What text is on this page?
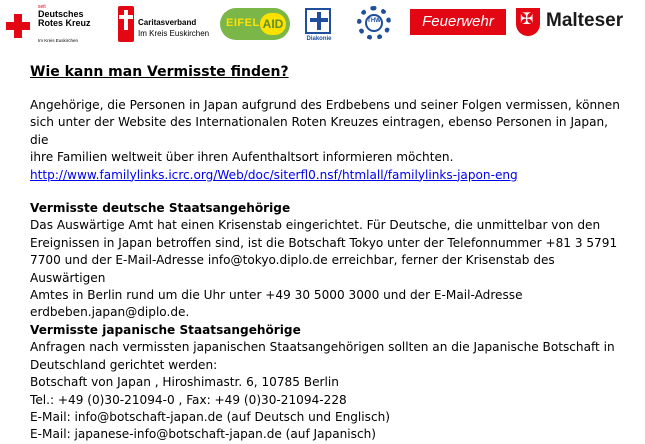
seit
Deutsches Rotes Kreuz
Im Kreis Euskirchen
Caritasverband
Im Kreis Euskirchen
EIFEL AID
Diakonie
THW	Feuerwehr	✠ Malteser
Wie kann man Vermisste finden?

Angehörige, die Personen in Japan aufgrund des Erdbebens und seiner Folgen vermissen, können

sich unter der Website des Internationalen Roten Kreuzes eintragen, ebenso Personen in Japan, die

ihre Familien weltweit über ihren Aufenthaltsort informieren möchten.

http://www.familylinks.icrc.org/Web/doc/siterfl0.nsf/htmlall/familylinks-japon-eng

Vermisste deutsche Staatsangehörige

Das Auswärtige Amt hat einen Krisenstab eingerichtet. Für Deutsche, die unmittelbar von den

Ereignissen in Japan betroffen sind, ist die Botschaft Tokyo unter der Telefonnummer +81 3 5791

7700 und der E-Mail-Adresse info@tokyo.diplo.de erreichbar, ferner der Krisenstab des Auswärtigen

Amtes in Berlin rund um die Uhr unter +49 30 5000 3000 und der E-Mail-Adresse

erdbeben.japan@diplo.de.

Vermisste japanische Staatsangehörige

Anfragen nach vermissten japanischen Staatsangehörigen sollten an die Japanische Botschaft in

Deutschland gerichtet werden:

Botschaft von Japan , Hiroshimastr. 6, 10785 Berlin

Tel.: +49 (0)30-21094-0 , Fax: +49 (0)30-21094-228

E-Mail: info@botschaft-japan.de (auf Deutsch und Englisch)

E-Mail: japanese-info@botschaft-japan.de (auf Japanisch)
